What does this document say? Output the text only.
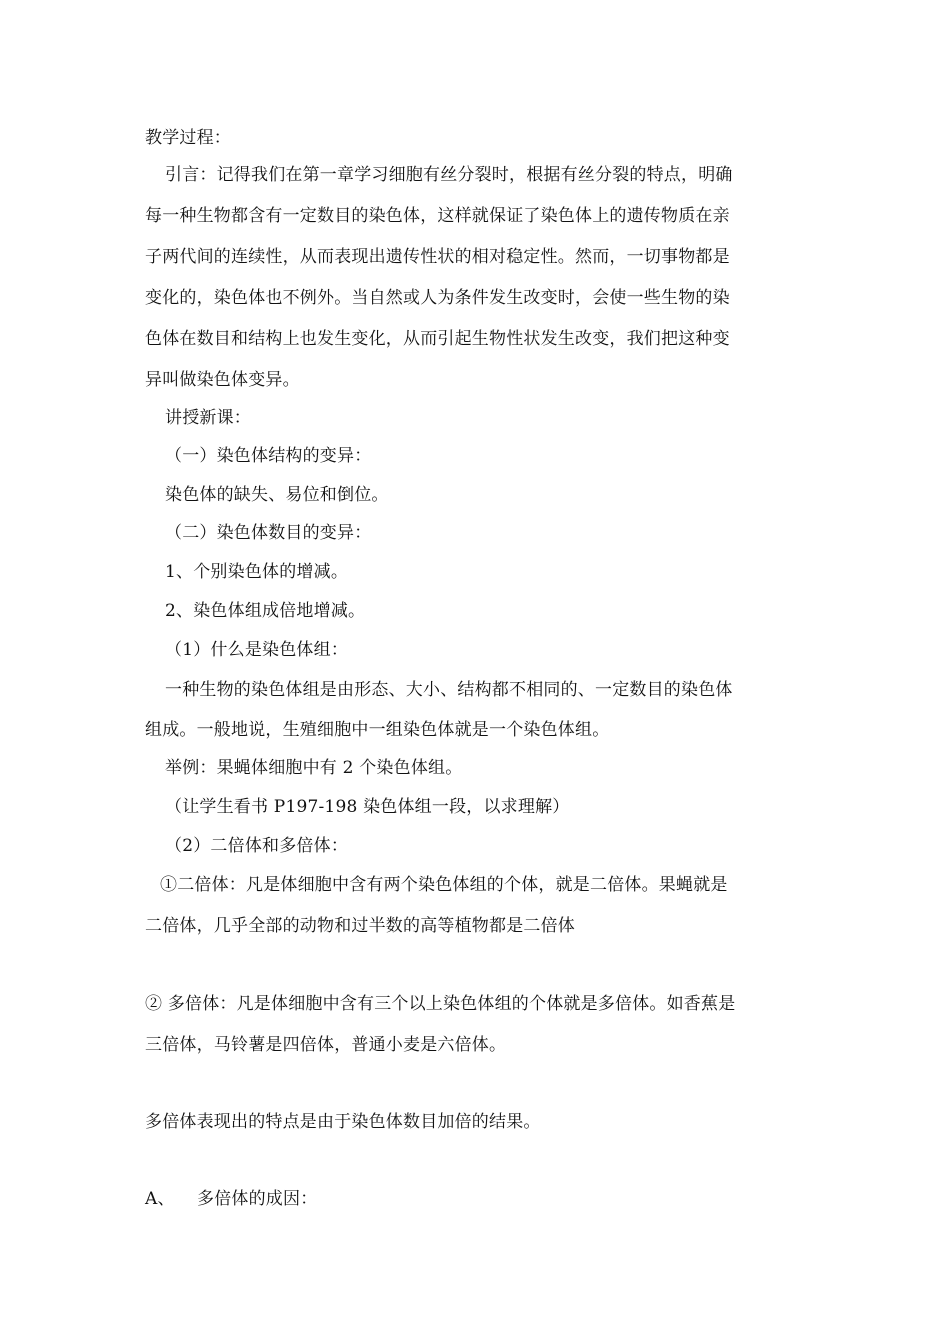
教学过程：
引言：记得我们在第一章学习细胞有丝分裂时，根据有丝分裂的特点，明确
每一种生物都含有一定数目的染色体，这样就保证了染色体上的遗传物质在亲
子两代间的连续性，从而表现出遗传性状的相对稳定性。然而，一切事物都是
变化的，染色体也不例外。当自然或人为条件发生改变时，会使一些生物的染
色体在数目和结构上也发生变化，从而引起生物性状发生改变，我们把这种变
异叫做染色体变异。
讲授新课：
（一）染色体结构的变异：
染色体的缺失、易位和倒位。
（二）染色体数目的变异：
1、个别染色体的增减。
2、染色体组成倍地增减。
（1）什么是染色体组：
一种生物的染色体组是由形态、大小、结构都不相同的、一定数目的染色体
组成。一般地说，生殖细胞中一组染色体就是一个染色体组。
举例：果蝇体细胞中有 2 个染色体组。
（让学生看书 P197-198 染色体组一段，以求理解）
（2）二倍体和多倍体：
①二倍体：凡是体细胞中含有两个染色体组的个体，就是二倍体。果蝇就是
二倍体，几乎全部的动物和过半数的高等植物都是二倍体
② 多倍体：凡是体细胞中含有三个以上染色体组的个体就是多倍体。如香蕉是
三倍体，马铃薯是四倍体，普通小麦是六倍体。
多倍体表现出的特点是由于染色体数目加倍的结果。
A、 多倍体的成因：
